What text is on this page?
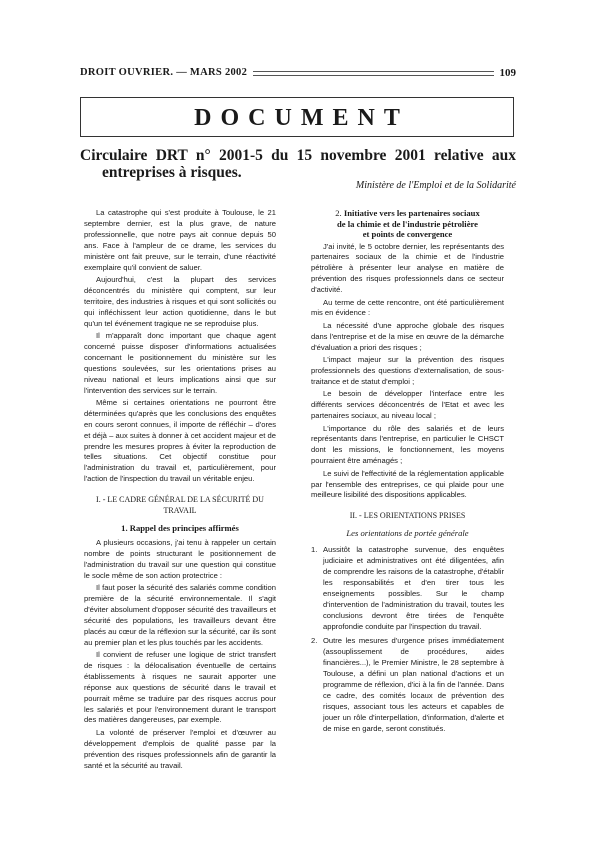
DROIT OUVRIER. — MARS 2002	109
DOCUMENT
Circulaire DRT n° 2001-5 du 15 novembre 2001 relative aux
entreprises à risques.
Ministère de l'Emploi et de la Solidarité

La catastrophe qui s'est produite à Toulouse, le 21 septembre dernier, est la plus grave, de nature professionnelle, que notre pays ait connue depuis 50 ans. Face à l'ampleur de ce drame, les services du ministère ont fait preuve, sur le terrain, d'une réactivité exemplaire qu'il convient de saluer.

Aujourd'hui, c'est la plupart des services déconcentrés du ministère qui comptent, sur leur territoire, des industries à risques et qui sont sollicités ou qui infléchissent leur action quotidienne, dans le but qu'un tel événement tragique ne se reproduise plus.

Il m'apparaît donc important que chaque agent concerné puisse disposer d'informations actualisées concernant le positionnement du ministère sur les questions soulevées, sur les orientations prises au niveau national et leurs implications ainsi que sur l'intervention des services sur le terrain.

Même si certaines orientations ne pourront être déterminées qu'après que les conclusions des enquêtes en cours seront connues, il importe de réfléchir – d'ores et déjà – aux suites à donner à cet accident majeur et de prendre les mesures propres à éviter la reproduction de telles situations. Cet objectif constitue pour l'administration du travail et, particulièrement, pour l'action de l'inspection du travail un véritable enjeu.

I. - LE CADRE GÉNÉRAL DE LA SÉCURITÉ DU TRAVAIL
1. Rappel des principes affirmés

A plusieurs occasions, j'ai tenu à rappeler un certain nombre de points structurant le positionnement de l'administration du travail sur une question qui constitue le socle même de son action protectrice :

Il faut poser la sécurité des salariés comme condition première de la sécurité environnementale. Il s'agit d'éviter absolument d'opposer sécurité des travailleurs et sécurité des populations, les travailleurs devant être placés au cœur de la réflexion sur la sécurité, car ils sont au premier plan et les plus touchés par les accidents.

Il convient de refuser une logique de strict transfert de risques : la délocalisation éventuelle de certains établissements à risques ne saurait apporter une réponse aux questions de sécurité dans le travail et pourrait même se traduire par des risques accrus pour les salariés et pour l'environnement durant le transport des matières dangereuses, par exemple.

La volonté de préserver l'emploi et d'œuvrer au développement d'emplois de qualité passe par la prévention des risques professionnels afin de garantir la santé et la sécurité au travail.

2. Initiative vers les partenaires sociaux
de la chimie et de l'industrie pétrolière
et points de convergence

J'ai invité, le 5 octobre dernier, les représentants des partenaires sociaux de la chimie et de l'industrie pétrolière à présenter leur analyse en matière de prévention des risques professionnels dans ce secteur d'activité.

Au terme de cette rencontre, ont été particulièrement mis en évidence :

La nécessité d'une approche globale des risques dans l'entreprise et de la mise en œuvre de la démarche d'évaluation a priori des risques ;

L'impact majeur sur la prévention des risques professionnels des questions d'externalisation, de sous-traitance et de statut d'emploi ;

Le besoin de développer l'interface entre les différents services déconcentrés de l'Etat et avec les partenaires sociaux, au niveau local ;

L'importance du rôle des salariés et de leurs représentants dans l'entreprise, en particulier le CHSCT dont les missions, le fonctionnement, les moyens pourraient être aménagés ;

Le suivi de l'effectivité de la réglementation applicable par l'ensemble des entreprises, ce qui plaide pour une meilleure lisibilité des dispositions applicables.

II. - LES ORIENTATIONS PRISES
Les orientations de portée générale
1. Aussitôt la catastrophe survenue, des enquêtes judiciaire et administratives ont été diligentées, afin de comprendre les raisons de la catastrophe, d'établir les responsabilités et d'en tirer tous les enseignements possibles. Sur le champ d'intervention de l'administration du travail, toutes les conclusions devront être tirées de l'enquête approfondie conduite par l'inspection du travail.
2. Outre les mesures d'urgence prises immédiatement (assouplissement de procédures, aides financières...), le Premier Ministre, le 28 septembre à Toulouse, a défini un plan national d'actions et un programme de réflexion, d'ici à la fin de l'année. Dans ce cadre, des comités locaux de prévention des risques, associant tous les acteurs et capables de jouer un rôle d'interpellation, d'information, d'alerte et de mise en garde, seront constitués.
